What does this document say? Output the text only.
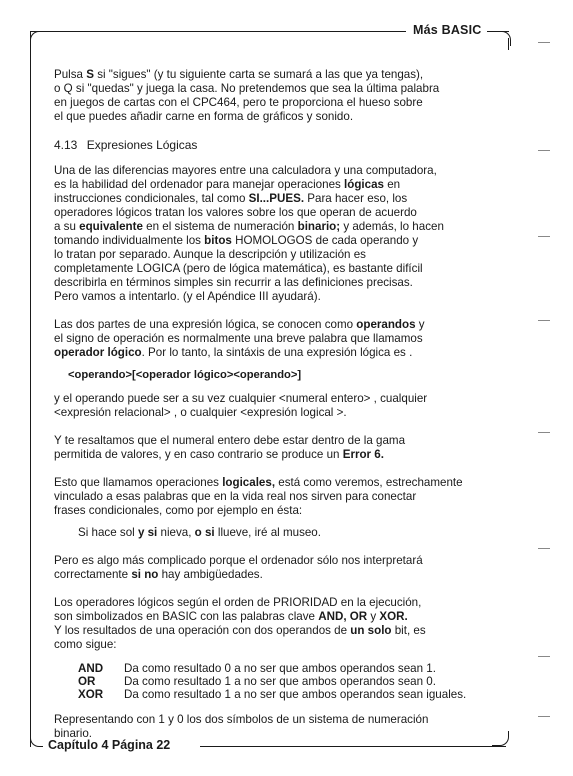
Más BASIC
Capítulo 4 Página 22

Pulsa S si "sigues" (y tu siguiente carta se sumará a las que ya tengas),
o Q si "quedas" y juega la casa. No pretendemos que sea la última palabra
en juegos de cartas con el CPC464, pero te proporciona el hueso sobre
el que puedes añadir carne en forma de gráficos y sonido.

4.13 Expresiones Lógicas

Una de las diferencias mayores entre una calculadora y una computadora,
es la habilidad del ordenador para manejar operaciones lógicas en
instrucciones condicionales, tal como SI...PUES. Para hacer eso, los
operadores lógicos tratan los valores sobre los que operan de acuerdo
a su equivalente en el sistema de numeración binario; y además, lo hacen
tomando individualmente los bitos HOMOLOGOS de cada operando y
lo tratan por separado. Aunque la descripción y utilización es
completamente LOGICA (pero de lógica matemática), es bastante difícil
describirla en términos simples sin recurrir a las definiciones precisas.
Pero vamos a intentarlo. (y el Apéndice III ayudará).

Las dos partes de una expresión lógica, se conocen como operandos y
el signo de operación es normalmente una breve palabra que llamamos
operador lógico. Por lo tanto, la sintáxis de una expresión lógica es .

<operando>[<operador lógico><operando>]

y el operando puede ser a su vez cualquier <numeral entero> , cualquier
<expresión relacional> , o cualquier <expresión logical >.

Y te resaltamos que el numeral entero debe estar dentro de la gama
permitida de valores, y en caso contrario se produce un Error 6.

Esto que llamamos operaciones logicales, está como veremos, estrechamente
vinculado a esas palabras que en la vida real nos sirven para conectar
frases condicionales, como por ejemplo en ésta:

Si hace sol y si nieva, o si llueve, iré al museo.

Pero es algo más complicado porque el ordenador sólo nos interpretará
correctamente si no hay ambigüedades.

Los operadores lógicos según el orden de PRIORIDAD en la ejecución,
son simbolizados en BASIC con las palabras clave AND, OR y XOR.
Y los resultados de una operación con dos operandos de un solo bit, es
como sigue:

AND	Da como resultado 0 a no ser que ambos operandos sean 1.
OR	Da como resultado 1 a no ser que ambos operandos sean 0.
XOR	Da como resultado 1 a no ser que ambos operandos sean iguales.

Representando con 1 y 0 los dos símbolos de un sistema de numeración
binario.
